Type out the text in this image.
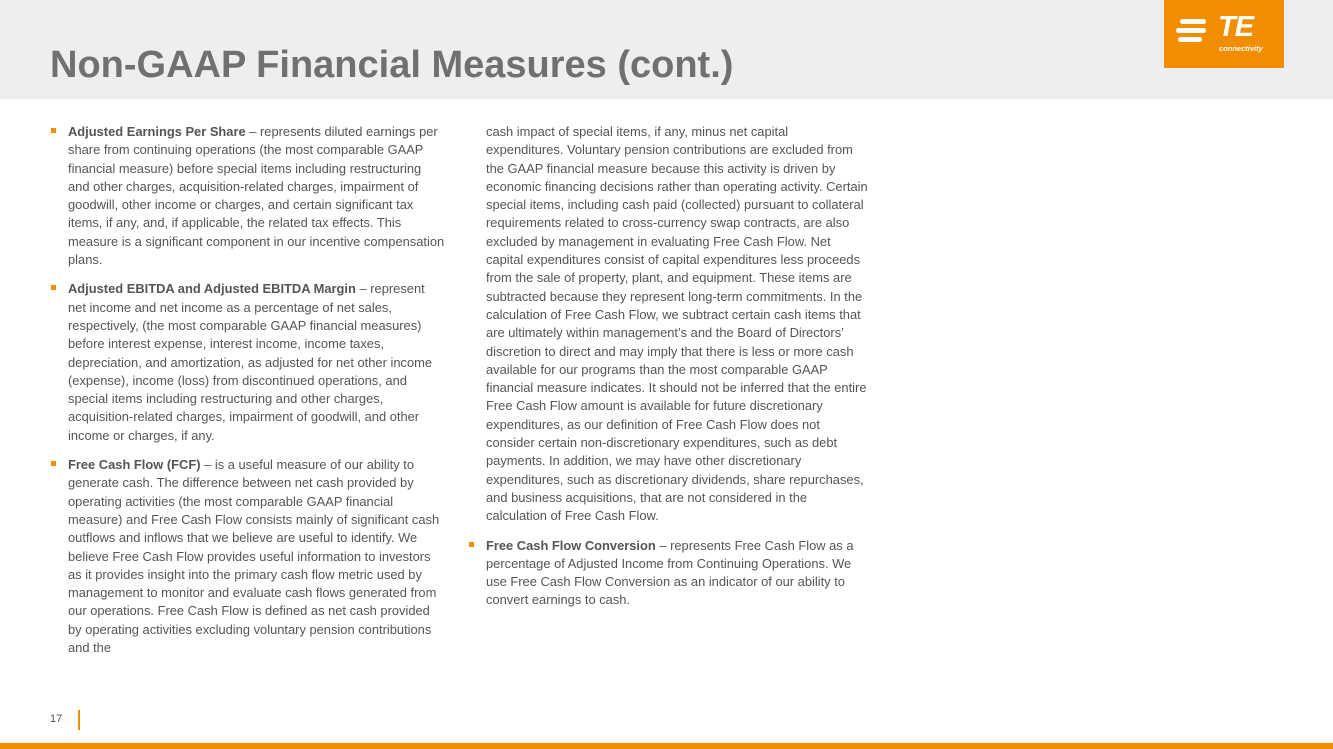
Non-GAAP Financial Measures (cont.)
TE
connectivity
Adjusted Earnings Per Share – represents diluted earnings per share from continuing operations (the most comparable GAAP financial measure) before special items including restructuring and other charges, acquisition-related charges, impairment of goodwill, other income or charges, and certain significant tax items, if any, and, if applicable, the related tax effects. This measure is a significant component in our incentive compensation plans.
Adjusted EBITDA and Adjusted EBITDA Margin – represent net income and net income as a percentage of net sales, respectively, (the most comparable GAAP financial measures) before interest expense, interest income, income taxes, depreciation, and amortization, as adjusted for net other income (expense), income (loss) from discontinued operations, and special items including restructuring and other charges, acquisition-related charges, impairment of goodwill, and other income or charges, if any.
Free Cash Flow (FCF) – is a useful measure of our ability to generate cash. The difference between net cash provided by operating activities (the most comparable GAAP financial measure) and Free Cash Flow consists mainly of significant cash outflows and inflows that we believe are useful to identify. We believe Free Cash Flow provides useful information to investors as it provides insight into the primary cash flow metric used by management to monitor and evaluate cash flows generated from our operations. Free Cash Flow is defined as net cash provided by operating activities excluding voluntary pension contributions and the
cash impact of special items, if any, minus net capital expenditures. Voluntary pension contributions are excluded from the GAAP financial measure because this activity is driven by economic financing decisions rather than operating activity. Certain special items, including cash paid (collected) pursuant to collateral requirements related to cross-currency swap contracts, are also excluded by management in evaluating Free Cash Flow. Net capital expenditures consist of capital expenditures less proceeds from the sale of property, plant, and equipment. These items are subtracted because they represent long-term commitments. In the calculation of Free Cash Flow, we subtract certain cash items that are ultimately within management’s and the Board of Directors’ discretion to direct and may imply that there is less or more cash available for our programs than the most comparable GAAP financial measure indicates. It should not be inferred that the entire Free Cash Flow amount is available for future discretionary expenditures, as our definition of Free Cash Flow does not consider certain non-discretionary expenditures, such as debt payments. In addition, we may have other discretionary expenditures, such as discretionary dividends, share repurchases, and business acquisitions, that are not considered in the calculation of Free Cash Flow.
Free Cash Flow Conversion – represents Free Cash Flow as a percentage of Adjusted Income from Continuing Operations. We use Free Cash Flow Conversion as an indicator of our ability to convert earnings to cash.
17
